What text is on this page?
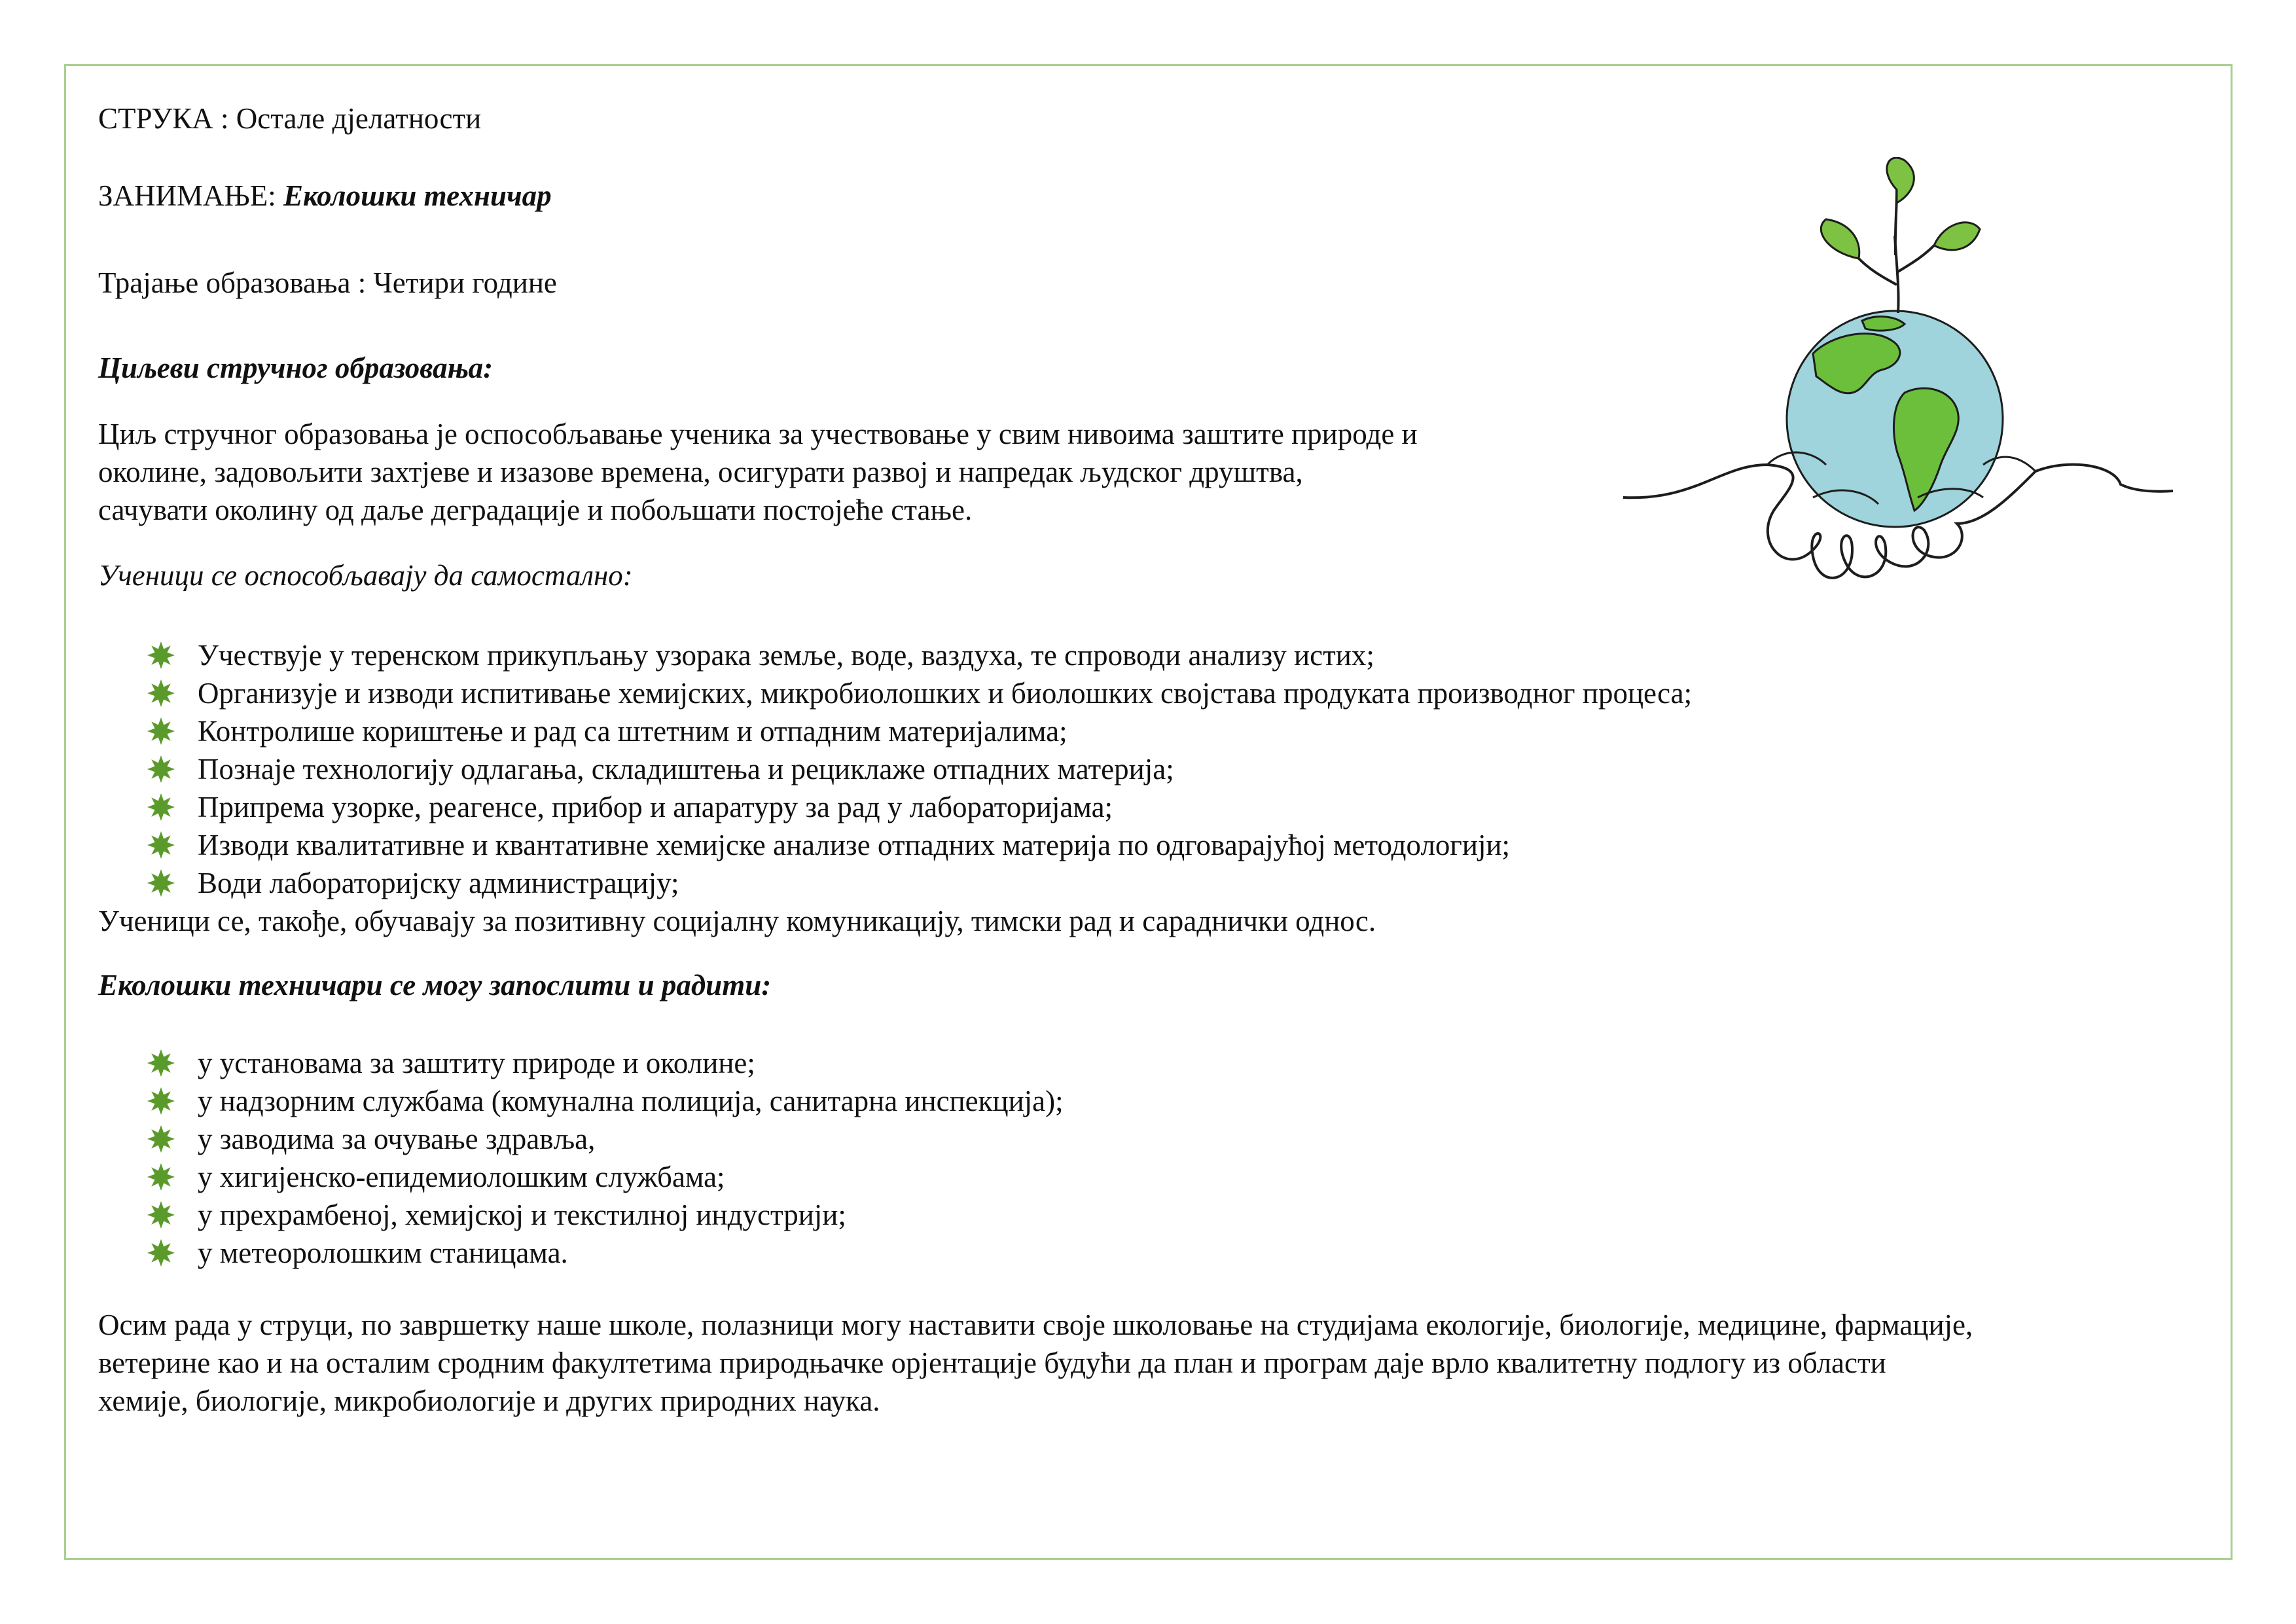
СТРУКА : Остале дјелатности
ЗАНИМАЊЕ: Еколошки техничар
Трајање образовања : Четири године
Циљеви стручног образовања:
Циљ стручног образовања је оспособљавање ученика за учествовање у свим нивоима заштите природе и
околине, задовољити захтјеве и изазове времена, осигурати развој и напредак људског друштва,
сачувати околину од даље деградације и побољшати постојеће стање.
Ученици се оспособљавају да самостално:
Учествује у теренском прикупљању узорака земље, воде, ваздуха, те спроводи анализу истих;
Организује и изводи испитивање хемијских, микробиолошких и биолошких својстава продуката производног процеса;
Контролише кориштење и рад са штетним и отпадним материјалима;
Познаје технологију одлагања, складиштења и рециклаже отпадних материја;
Припрема узорке, реагенсе, прибор и апаратуру за рад у лабораторијама;
Изводи квалитативне и квантативне хемијске анализе отпадних материја по одговарајућој методологији;
Води лабораторијску администрацију;
Ученици се, такође, обучавају за позитивну социјалну комуникацију, тимски рад и сараднички однос.
Еколошки техничари се могу запослити и радити:
у установама за заштиту природе и околине;
у надзорним службама (комунална полиција, санитарна инспекција);
у заводима за очување здравља,
у хигијенско-епидемиолошким службама;
у прехрамбеној, хемијској и текстилној индустрији;
у метеоролошким станицама.
Осим рада у струци, по завршетку наше школе, полазници могу наставити своје школовање на студијама екологије, биологије, медицине, фармације,
ветерине као и на осталим сродним факултетима природњачке орјентације будући да план и програм даје врло квалитетну подлогу из области
хемије, биологије, микробиологије и других природних наука.
